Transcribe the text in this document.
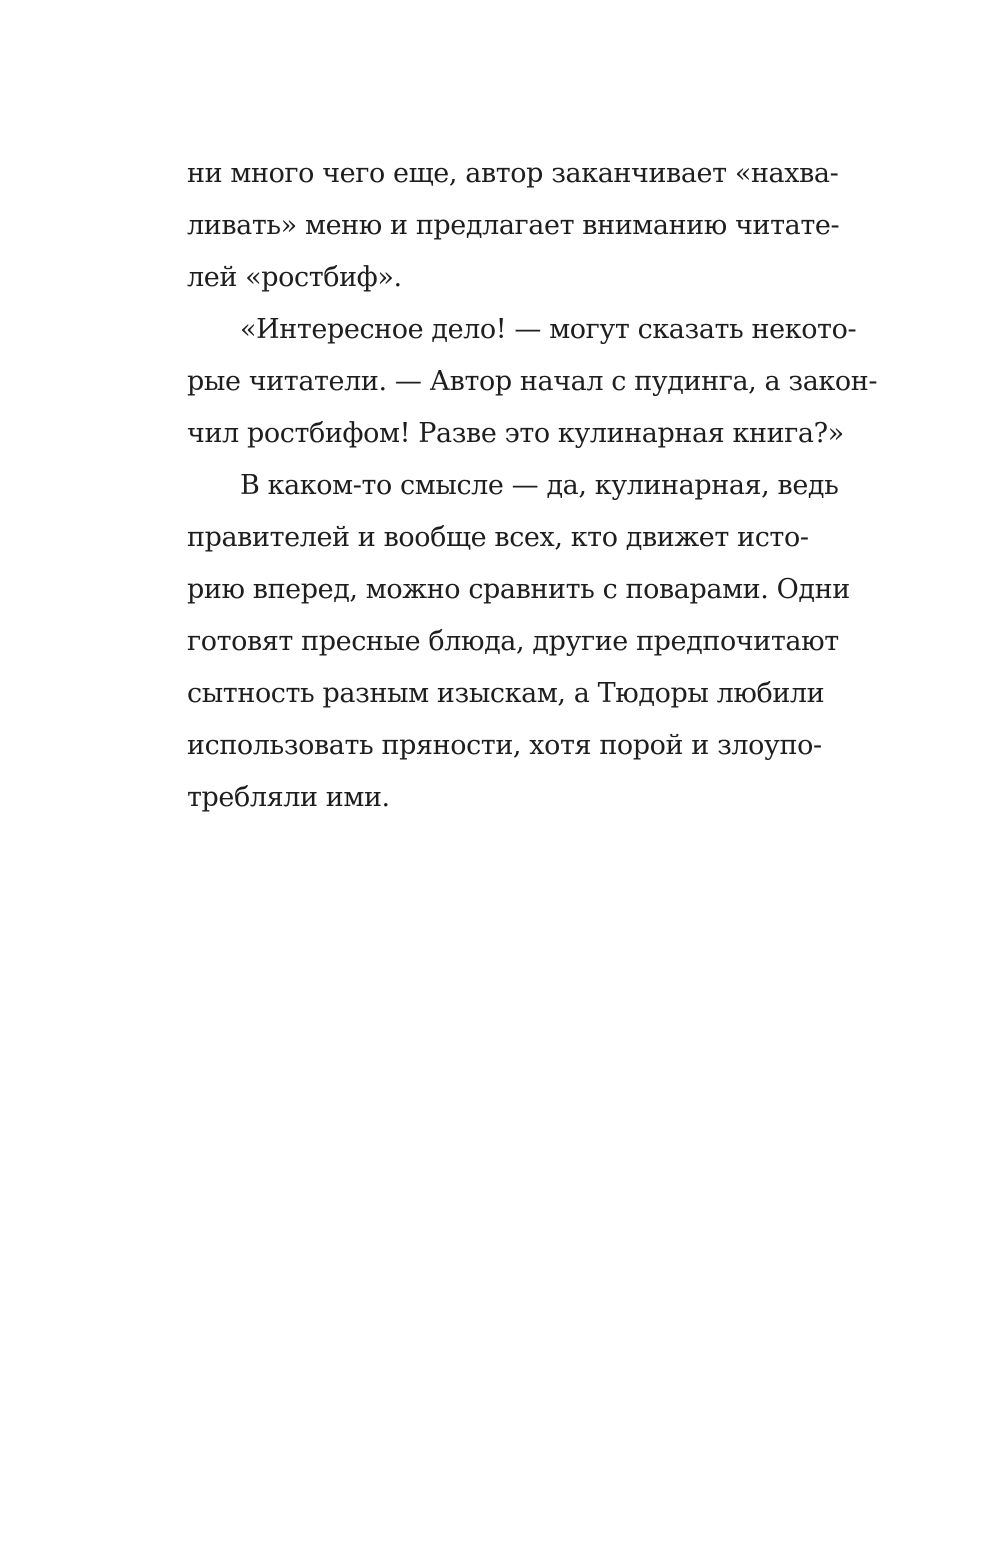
ни много чего еще, автор заканчивает «нахва-
ливать» меню и предлагает вниманию читате-
лей «ростбиф».
«Интересное дело! — могут сказать некото-
рые читатели. — Автор начал с пудинга, а закон-
чил ростбифом! Разве это кулинарная книга?»
В каком-то смысле — да, кулинарная, ведь
правителей и вообще всех, кто движет исто-
рию вперед, можно сравнить с поварами. Одни
готовят пресные блюда, другие предпочитают
сытность разным изыскам, а Тюдоры любили
использовать пряности, хотя порой и злоупо-
требляли ими.
